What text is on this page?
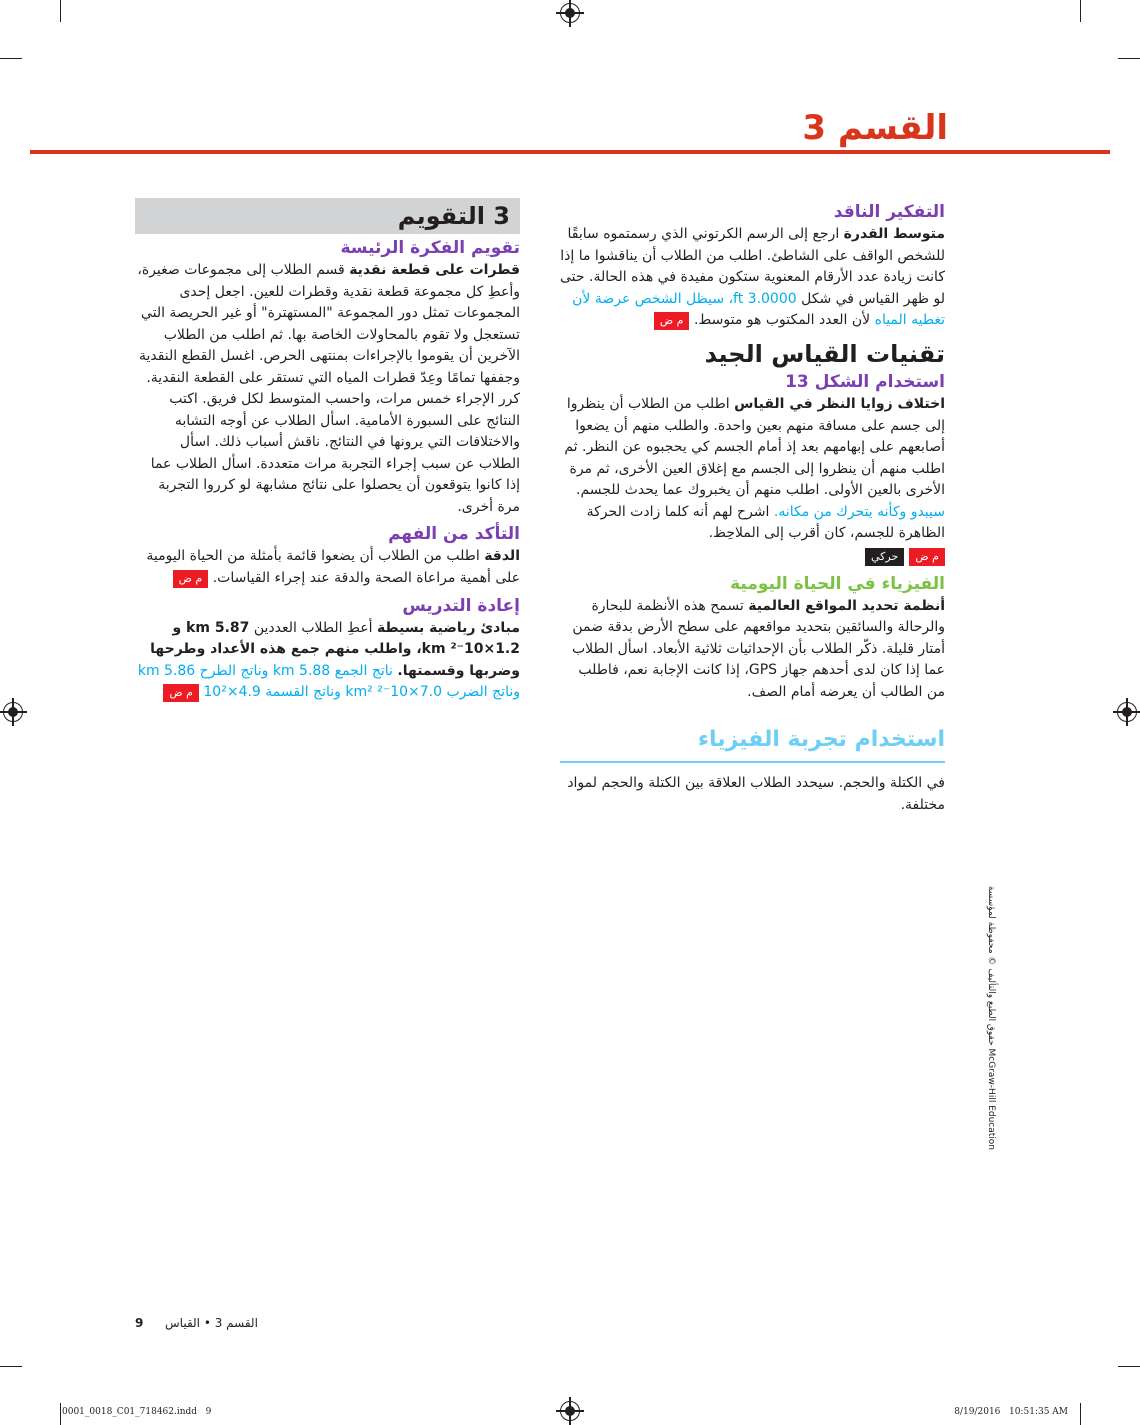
القسم 3
التفكير الناقد

متوسط القدرة ارجع إلى الرسم الكرتوني الذي رسمتموه سابقًا للشخص الواقف على الشاطئ. اطلب من الطلاب أن يناقشوا ما إذا كانت زيادة عدد الأرقام المعنوية ستكون مفيدة في هذه الحالة. حتى لو ظهر القياس في شكل 3.0000 ft، سيظل الشخص عرضة لأن تغطيه المياه لأن العدد المكتوب هو متوسط. م ض

تقنيات القياس الجيد
استخدام الشكل 13

اختلاف زوايا النظر في القياس اطلب من الطلاب أن ينظروا إلى جسم على مسافة منهم بعين واحدة. والطلب منهم أن يضعوا أصابعهم على إبهامهم بعد إذ أمام الجسم كي يحجبوه عن النظر. ثم اطلب منهم أن ينظروا إلى الجسم مع إغلاق العين الأخرى، ثم مرة الأخرى بالعين الأولى. اطلب منهم أن يخبروك عما يحدث للجسم. سيبدو وكأنه يتحرك من مكانه. اشرح لهم أنه كلما زادت الحركة الظاهرة للجسم، كان أقرب إلى الملاحِظ.

م ض حركي
الفيزياء في الحياة اليومية

أنظمة تحديد المواقع العالمية تسمح هذه الأنظمة للبحارة والرحالة والسائقين بتحديد مواقعهم على سطح الأرض بدقة ضمن أمتار قليلة. ذكّر الطلاب بأن الإحداثيات ثلاثية الأبعاد. اسأل الطلاب عما إذا كان لدى أحدهم جهاز GPS، إذا كانت الإجابة نعم، فاطلب من الطالب أن يعرضه أمام الصف.

استخدام تجربة الفيزياء

في الكتلة والحجم. سيحدد الطلاب العلاقة بين الكتلة والحجم لمواد مختلفة.

3 التقويم
تقويم الفكرة الرئيسة

قطرات على قطعة نقدية قسم الطلاب إلى مجموعات صغيرة، وأعطِ كل مجموعة قطعة نقدية وقطرات للعين. اجعل إحدى المجموعات تمثل دور المجموعة "المستهترة" أو غير الحريصة التي تستعجل ولا تقوم بالمحاولات الخاصة بها. ثم اطلب من الطلاب الآخرين أن يقوموا بالإجراءات بمنتهى الحرص. اغسل القطع النقدية وجففها تمامًا وعِدّ قطرات المياه التي تستقر على القطعة النقدية. كرر الإجراء خمس مرات، واحسب المتوسط لكل فريق. اكتب النتائج على السبورة الأمامية. اسأل الطلاب عن أوجه التشابه والاختلافات التي يرونها في النتائج. ناقش أسباب ذلك. اسأل الطلاب عن سبب إجراء التجربة مرات متعددة. اسأل الطلاب عما إذا كانوا يتوقعون أن يحصلوا على نتائج مشابهة لو كرروا التجربة مرة أخرى.

التأكد من الفهم

الدقة اطلب من الطلاب أن يضعوا قائمة بأمثلة من الحياة اليومية على أهمية مراعاة الصحة والدقة عند إجراء القياسات. م ض

إعادة التدريس

مبادئ رياضية بسيطة أعطِ الطلاب العددين 5.87 km و 1.2×10⁻² km، واطلب منهم جمع هذه الأعداد وطرحها وضربها وقسمتها. ناتج الجمع 5.88 km وناتج الطرح 5.86 km وناتج الضرب 7.0×10⁻² km² وناتج القسمة 4.9×10² م ض

McGraw-Hill Education حقوق الطبع والتأليف © محفوظة لمؤسسة
9 القسم 3 • القياس
0001_0018_C01_718462.indd   9	8/19/2016   10:51:35 AM
